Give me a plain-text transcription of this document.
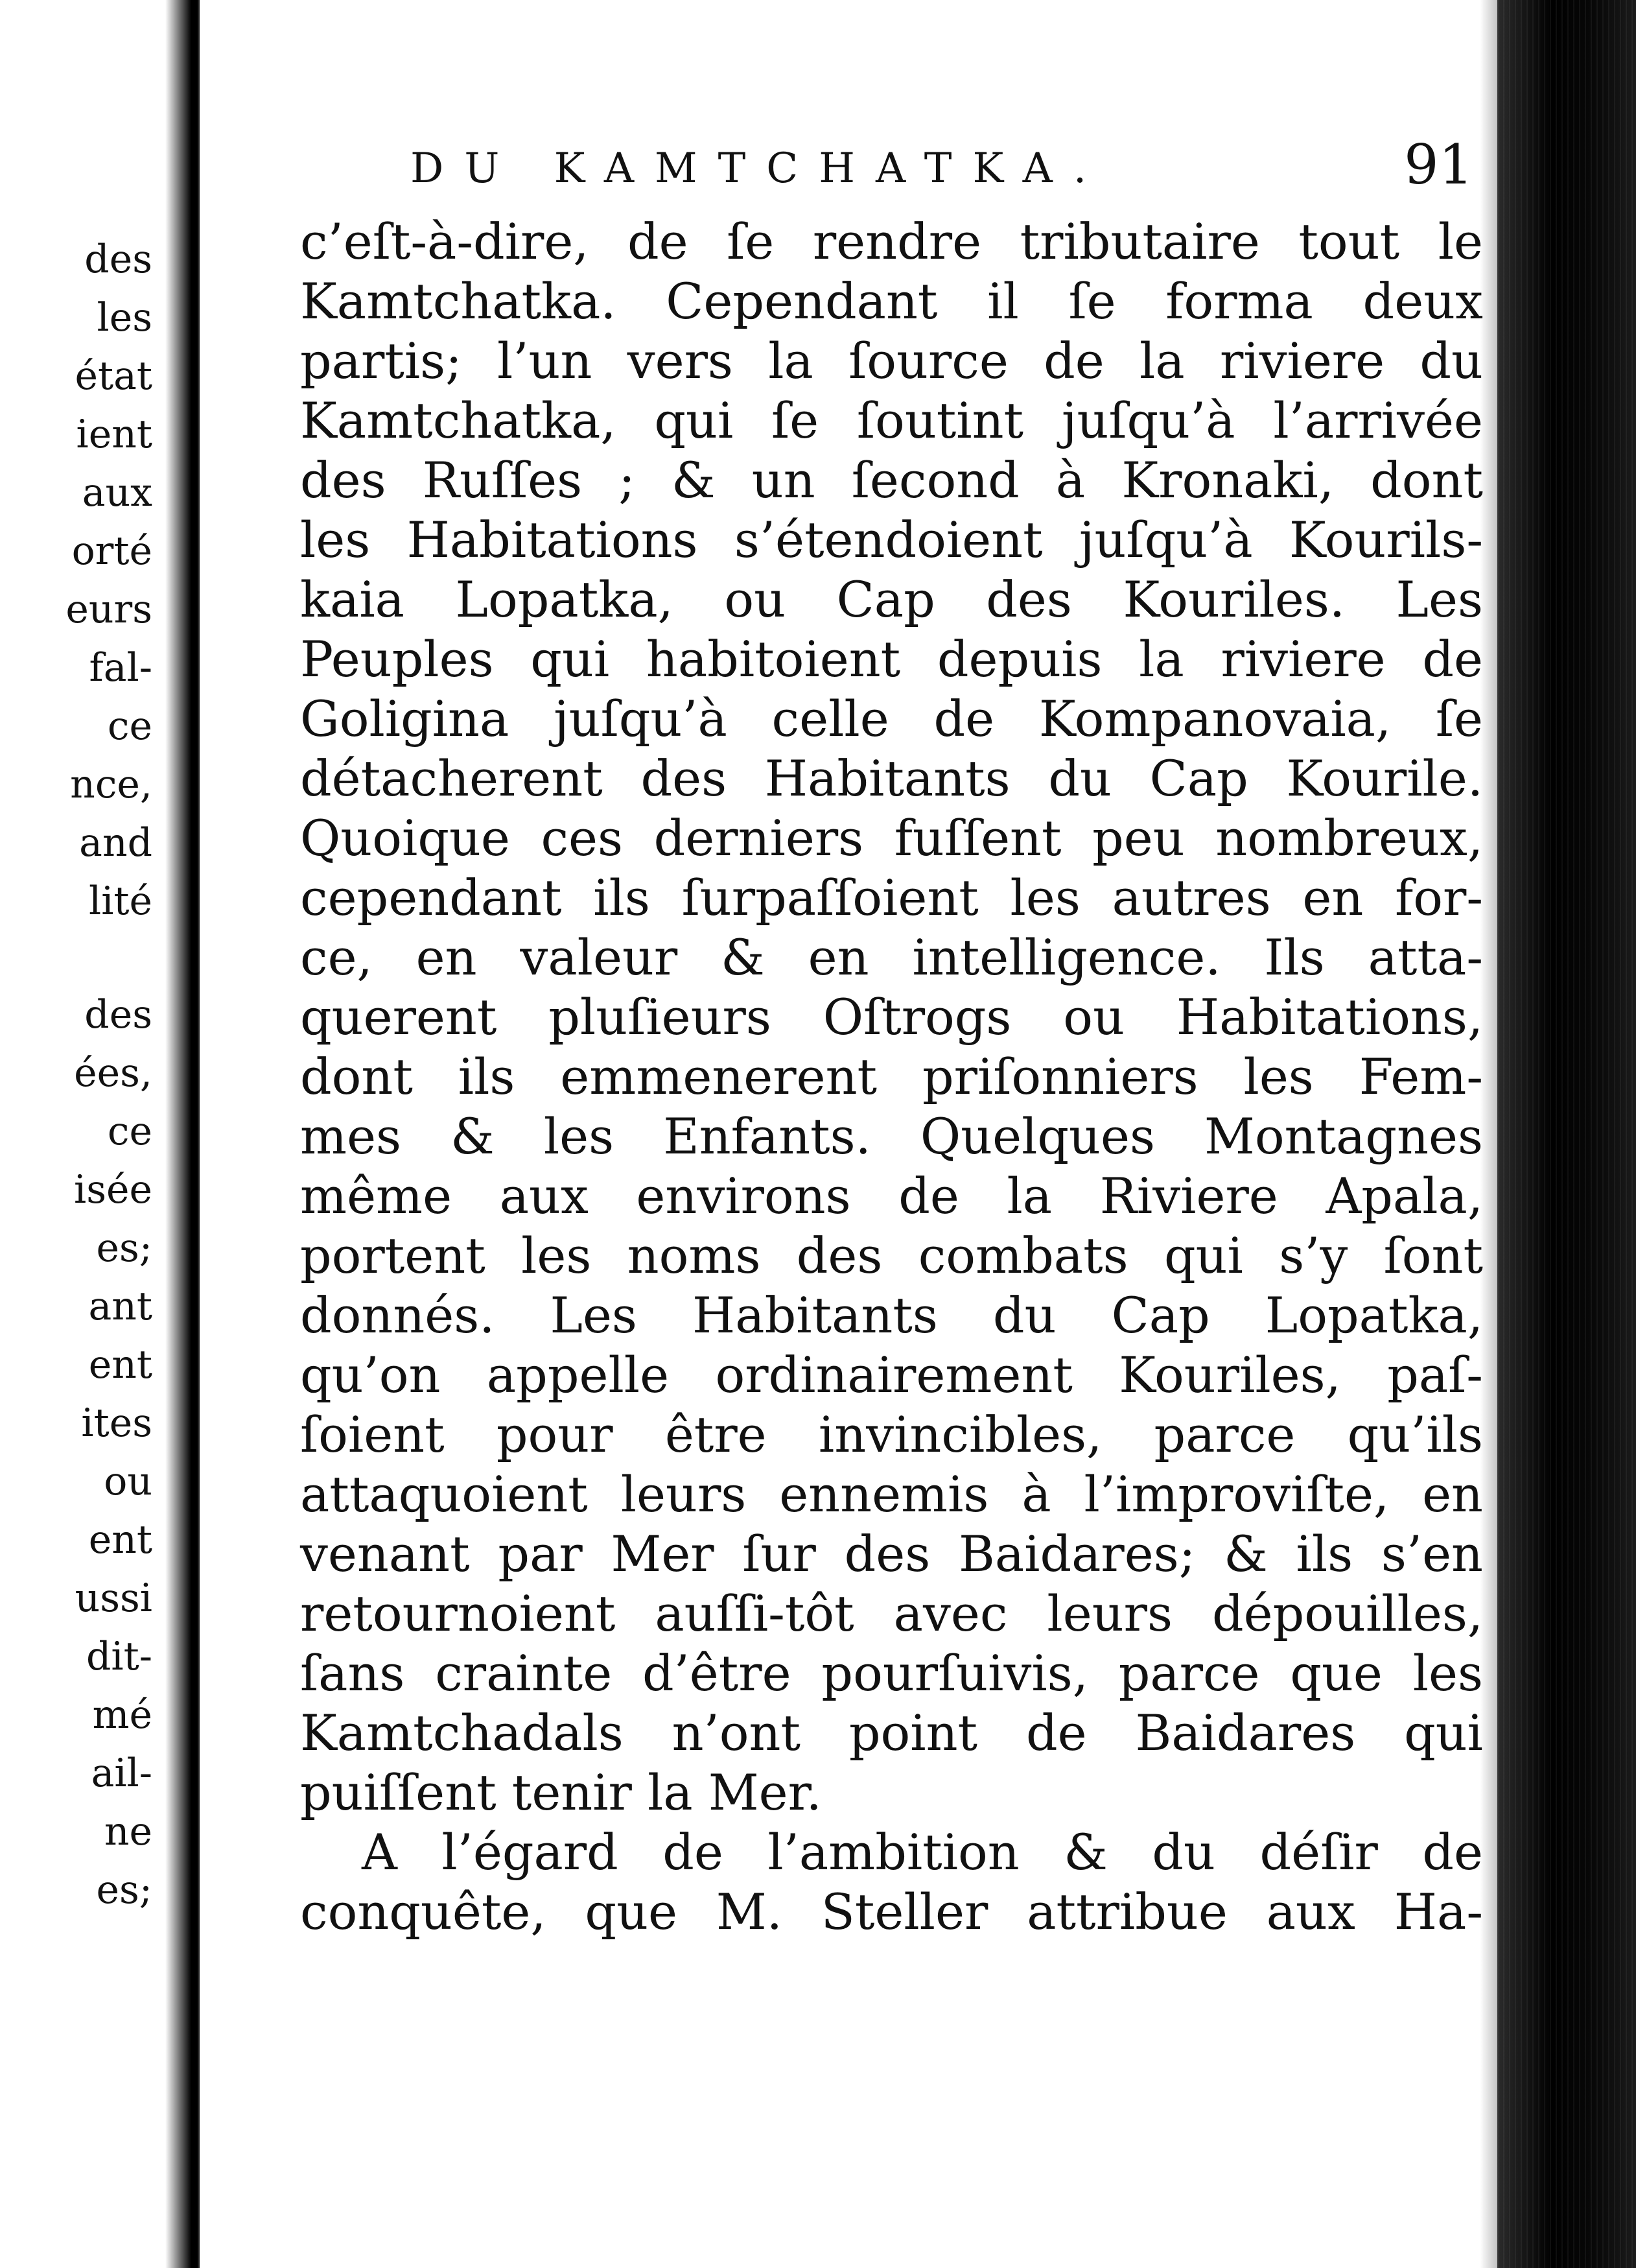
des
les
état
ient
aux
orté
eurs
fal-
ce
nce,
and
lité
des
ées,
ce
isée
es;
ant
ent
ites
ou
ent
ussi
dit-
mé
ail-
ne
es;
DU KAMTCHATKA.	91
c’eſt-à-dire, de ſe rendre tributaire tout le
Kamtchatka. Cependant il ſe forma deux
partis; l’un vers la ſource de la riviere du
Kamtchatka, qui ſe ſoutint juſqu’à l’arrivée
des Ruſſes ; & un ſecond à Kronaki, dont
les Habitations s’étendoient juſqu’à Kourils-
kaia Lopatka, ou Cap des Kouriles. Les
Peuples qui habitoient depuis la riviere de
Goligina juſqu’à celle de Kompanovaia, ſe
détacherent des Habitants du Cap Kourile.
Quoique ces derniers fuſſent peu nombreux,
cependant ils ſurpaſſoient les autres en for-
ce, en valeur & en intelligence. Ils atta-
querent pluſieurs Oſtrogs ou Habitations,
dont ils emmenerent priſonniers les Fem-
mes & les Enfants. Quelques Montagnes
même aux environs de la Riviere Apala,
portent les noms des combats qui s’y ſont
donnés. Les Habitants du Cap Lopatka,
qu’on appelle ordinairement Kouriles, paſ-
ſoient pour être invincibles, parce qu’ils
attaquoient leurs ennemis à l’improviſte, en
venant par Mer ſur des Baidares; & ils s’en
retournoient auſſi-tôt avec leurs dépouilles,
ſans crainte d’être pourſuivis, parce que les
Kamtchadals n’ont point de Baidares qui
puiſſent tenir la Mer.
A l’égard de l’ambition & du déſir de
conquête, que M. Steller attribue aux Ha-
